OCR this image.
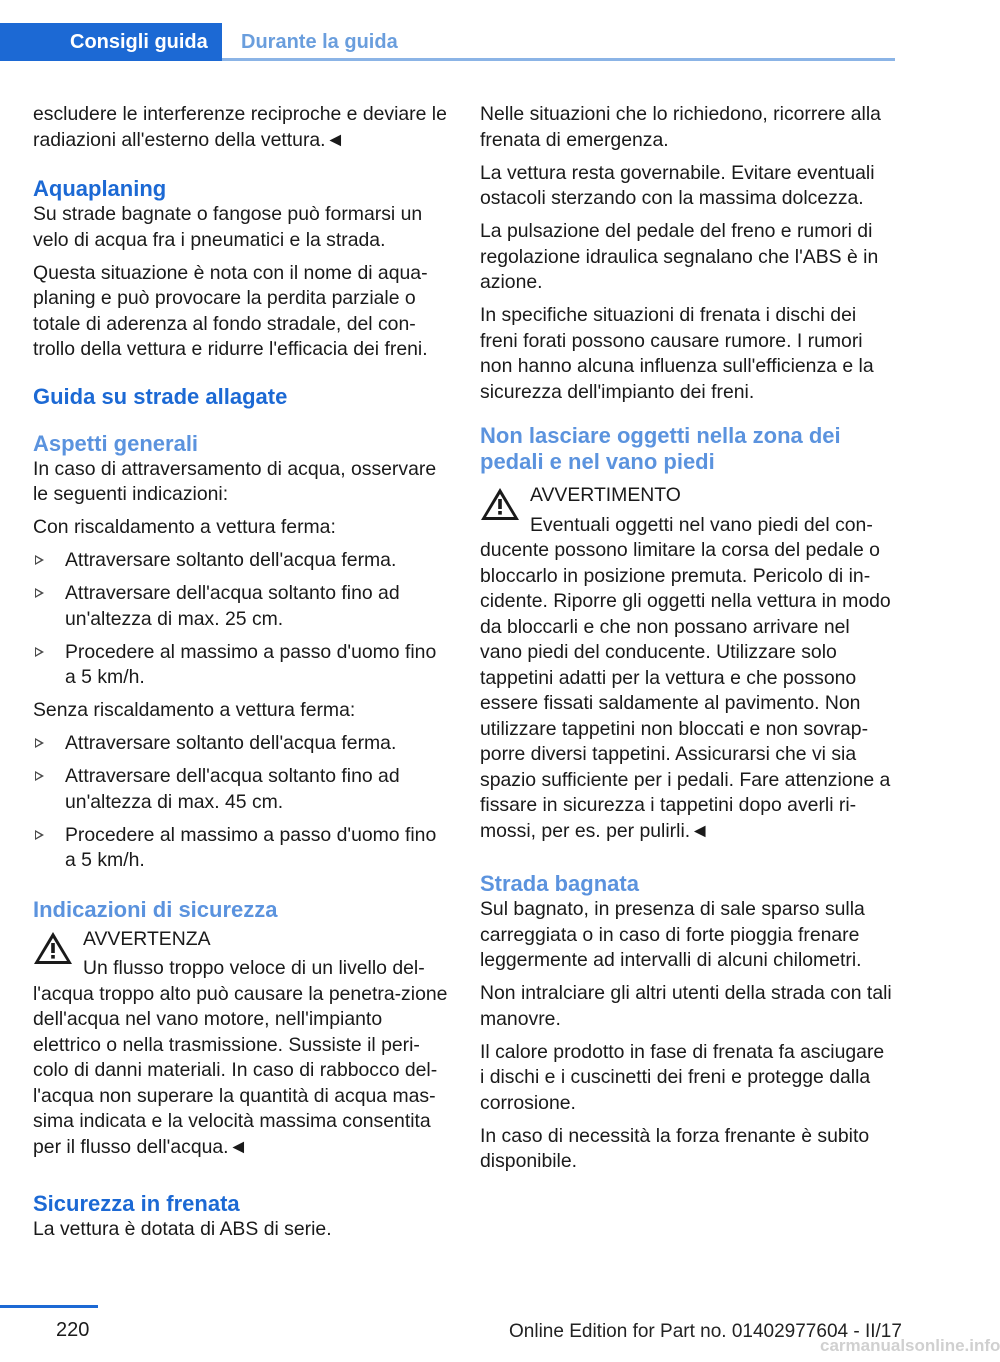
Consigli guida	Durante la guida

escludere le interferenze reciproche e deviare le radiazioni all'esterno della vettura.◄

Aquaplaning

Su strade bagnate o fangose può formarsi un velo di acqua fra i pneumatici e la strada.

Questa situazione è nota con il nome di aqua-planing e può provocare la perdita parziale o totale di aderenza al fondo stradale, del con-trollo della vettura e ridurre l'efficacia dei freni.

Guida su strade allagate
Aspetti generali

In caso di attraversamento di acqua, osservare le seguenti indicazioni:

Con riscaldamento a vettura ferma:

Attraversare soltanto dell'acqua ferma.
Attraversare dell'acqua soltanto fino ad un'altezza di max. 25 cm.
Procedere al massimo a passo d'uomo fino a 5 km/h.

Senza riscaldamento a vettura ferma:

Attraversare soltanto dell'acqua ferma.
Attraversare dell'acqua soltanto fino ad un'altezza di max. 45 cm.
Procedere al massimo a passo d'uomo fino a 5 km/h.
Indicazioni di sicurezza
AVVERTENZA
Un flusso troppo veloce di un livello del-l'acqua troppo alto può causare la penetra-zione dell'acqua nel vano motore, nell'impianto elettrico o nella trasmissione. Sussiste il peri-colo di danni materiali. In caso di rabbocco del-l'acqua non superare la quantità di acqua mas-sima indicata e la velocità massima consentita per il flusso dell'acqua.◄
Sicurezza in frenata

La vettura è dotata di ABS di serie.

Nelle situazioni che lo richiedono, ricorrere alla frenata di emergenza.

La vettura resta governabile. Evitare eventuali ostacoli sterzando con la massima dolcezza.

La pulsazione del pedale del freno e rumori di regolazione idraulica segnalano che l'ABS è in azione.

In specifiche situazioni di frenata i dischi dei freni forati possono causare rumore. I rumori non hanno alcuna influenza sull'efficienza e la sicurezza dell'impianto dei freni.

Non lasciare oggetti nella zona dei pedali e nel vano piedi
AVVERTIMENTO
Eventuali oggetti nel vano piedi del con-ducente possono limitare la corsa del pedale o bloccarlo in posizione premuta. Pericolo di in-cidente. Riporre gli oggetti nella vettura in modo da bloccarli e che non possano arrivare nel vano piedi del conducente. Utilizzare solo tappetini adatti per la vettura e che possono essere fissati saldamente al pavimento. Non utilizzare tappetini non bloccati e non sovrap-porre diversi tappetini. Assicurarsi che vi sia spazio sufficiente per i pedali. Fare attenzione a fissare in sicurezza i tappetini dopo averli ri-mossi, per es. per pulirli.◄
Strada bagnata

Sul bagnato, in presenza di sale sparso sulla carreggiata o in caso di forte pioggia frenare leggermente ad intervalli di alcuni chilometri.

Non intralciare gli altri utenti della strada con tali manovre.

Il calore prodotto in fase di frenata fa asciugare i dischi e i cuscinetti dei freni e protegge dalla corrosione.

In caso di necessità la forza frenante è subito disponibile.

220	Online Edition for Part no. 01402977604 - II/17
carmanualsonline.info
